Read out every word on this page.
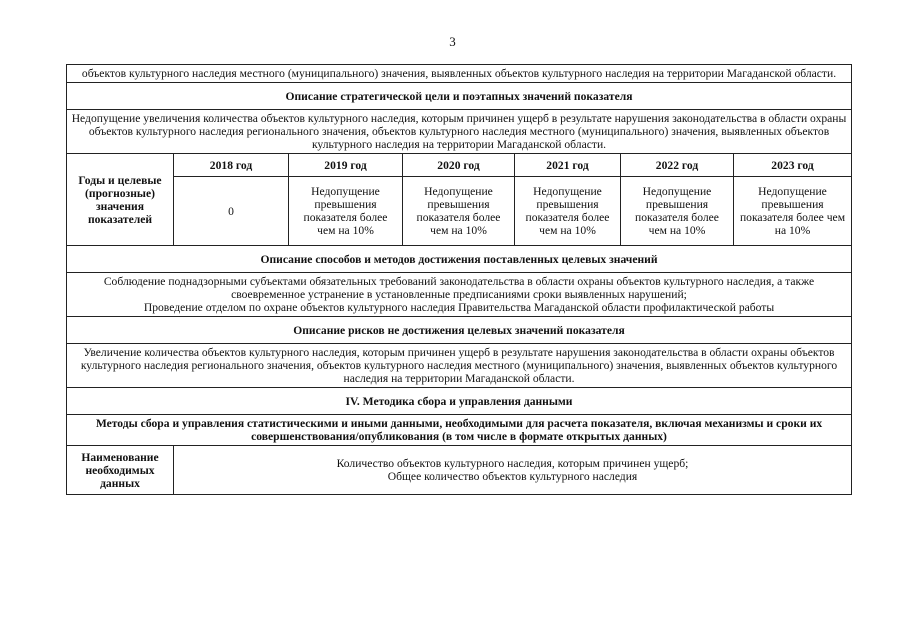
3
объектов культурного наследия местного (муниципального) значения, выявленных объектов культурного наследия на территории Магаданской области.						
Описание стратегической цели и поэтапных значений показателя						
Недопущение увеличения количества объектов культурного наследия, которым причинен ущерб в результате нарушения законодательства в области охраны объектов культурного наследия регионального значения, объектов культурного наследия местного (муниципального) значения, выявленных объектов культурного наследия на территории Магаданской области.						
Годы и целевые (прогнозные) значения показателей	2018 год	2019 год	2020 год	2021 год	2022 год	2023 год
	0	Недопущение превышения показателя более чем на 10%	Недопущение превышения показателя более чем на 10%	Недопущение превышения показателя более чем на 10%	Недопущение превышения показателя более чем на 10%	Недопущение превышения показателя более чем на 10%
Описание способов и методов достижения поставленных целевых значений						

Соблюдение поднадзорными субъектами обязательных требований законодательства в области охраны объектов культурного наследия, а также своевременное устранение в установленные предписаниями сроки выявленных нарушений;
Проведение отделом по охране объектов культурного наследия Правительства Магаданской области профилактической работы						

Описание рисков не достижения целевых значений показателя						
Увеличение количества объектов культурного наследия, которым причинен ущерб в результате нарушения законодательства в области охраны объектов культурного наследия регионального значения, объектов культурного наследия местного (муниципального) значения, выявленных объектов культурного наследия на территории Магаданской области.						
IV. Методика сбора и управления данными						
Методы сбора и управления статистическими и иными данными, необходимыми для расчета показателя, включая механизмы и сроки их совершенствования/опубликования (в том числе в формате открытых данных)						
Наименование необходимых данных	Количество объектов культурного наследия, которым причинен ущерб;
Общее количество объектов культурного наследия					
